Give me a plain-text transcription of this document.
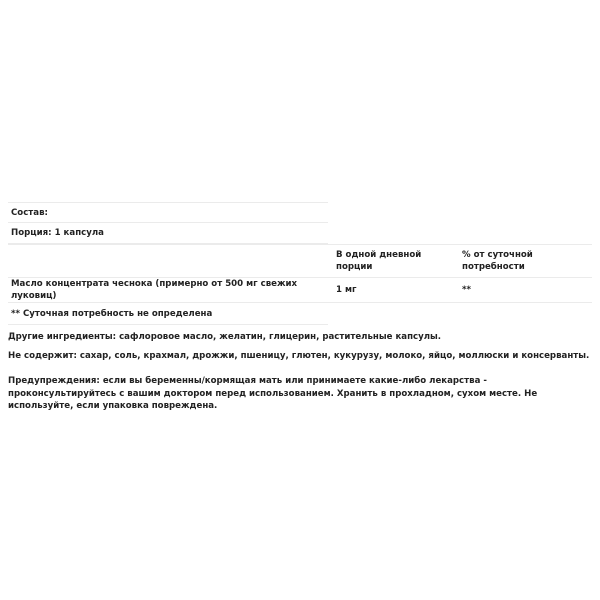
Состав:
Порция: 1 капсула
	В одной дневной порции	% от суточной потребности
Масло концентрата чеснока (примерно от 500 мг свежих луковиц)	1 мг	**
** Суточная потребность не определена

Другие ингредиенты: сафлоровое масло, желатин, глицерин, растительные капсулы.

Не содержит: сахар, соль, крахмал, дрожжи, пшеницу, глютен, кукурузу, молоко, яйцо, моллюски и консерванты.

Предупреждения: если вы беременны/кормящая мать или принимаете какие-либо лекарства - проконсультируйтесь с вашим доктором перед использованием. Хранить в прохладном, сухом месте. Не используйте, если упаковка повреждена.
